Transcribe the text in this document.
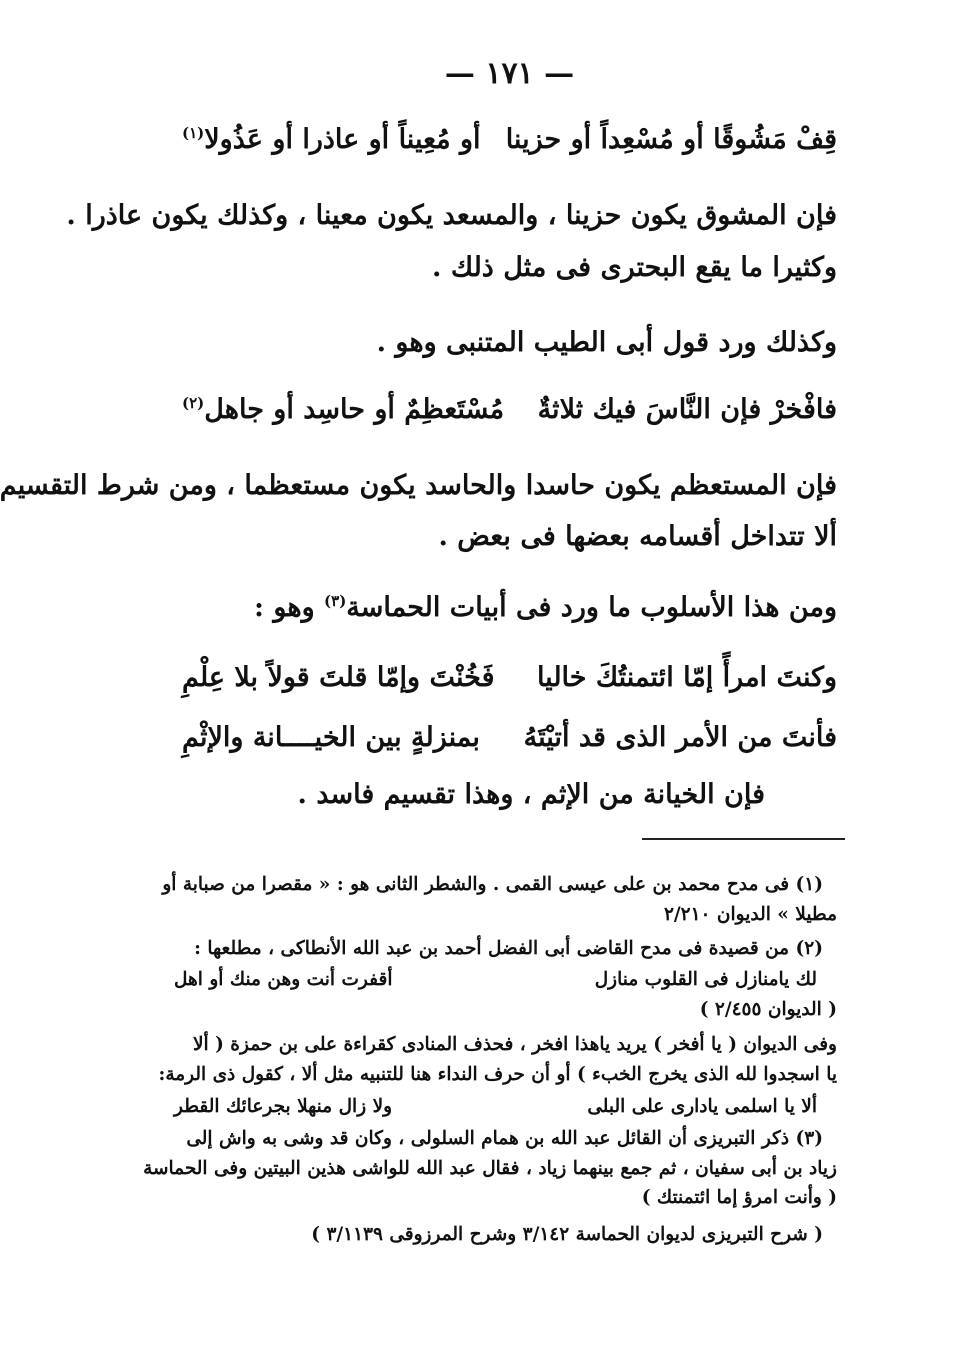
— ١٧١ —
قِفْ مَشُوقًا أو مُسْعِداً أو حزينا
أو مُعِيناً أو عاذرا أو عَذُولا$^{(١)}$
فإن المشوق يكون حزينا ، والمسعد يكون معينا ، وكذلك يكون عاذرا .
وكثيرا ما يقع البحترى فى مثل ذلك .
وكذلك ورد قول أبى الطيب المتنبى وهو .
فافْخرْ فإن النَّاسَ فيك ثلاثةٌ
مُسْتَعظِمٌ أو حاسِد أو جاهل$^{(٢)}$
فإن المستعظم يكون حاسدا والحاسد يكون مستعظما ، ومن شرط التقسيم
ألا تتداخل أقسامه بعضها فى بعض .
ومن هذا الأسلوب ما ورد فى أبيات الحماسة$^{(٣)}$ وهو :
وكنتَ امرأً إمّا ائتمنتُكَ خاليا
فَخُنْتَ وإمّا قلتَ قولاً بلا عِلْمِ
فأنتَ من الأمر الذى قد أتيْتَهُ
بمنزلةٍ بين الخيــــانة والإثْمِ
فإن الخيانة من الإثم ، وهذا تقسيم فاسد .
(١) فى مدح محمد بن على عيسى القمى . والشطر الثانى هو : « مقصرا من صبابة أو
مطيلا » الديوان ٢/٢١٠
(٢) من قصيدة فى مدح القاضى أبى الفضل أحمد بن عبد الله الأنطاكى ، مطلعها :
لك يامنازل فى القلوب منازل
أقفرت أنت وهن منك أو اهل
( الديوان ٢/٤٥٥ )
وفى الديوان ( يا أفخر ) يريد ياهذا افخر ، فحذف المنادى كقراءة على بن حمزة ( ألا
يا اسجدوا لله الذى يخرج الخبء ) أو أن حرف النداء هنا للتنبيه مثل ألا ، كقول ذى الرمة:
ألا يا اسلمى يادارى على البلى
ولا زال منهلا بجرعائك القطر
(٣) ذكر التبريزى أن القائل عبد الله بن همام السلولى ، وكان قد وشى به واش إلى
زياد بن أبى سفيان ، ثم جمع بينهما زياد ، فقال عبد الله للواشى هذين البيتين وفى الحماسة
( وأنت امرؤ إما ائتمنتك )
( شرح التبريزى لديوان الحماسة ٣/١٤٢ وشرح المرزوقى ٣/١١٣٩ )
